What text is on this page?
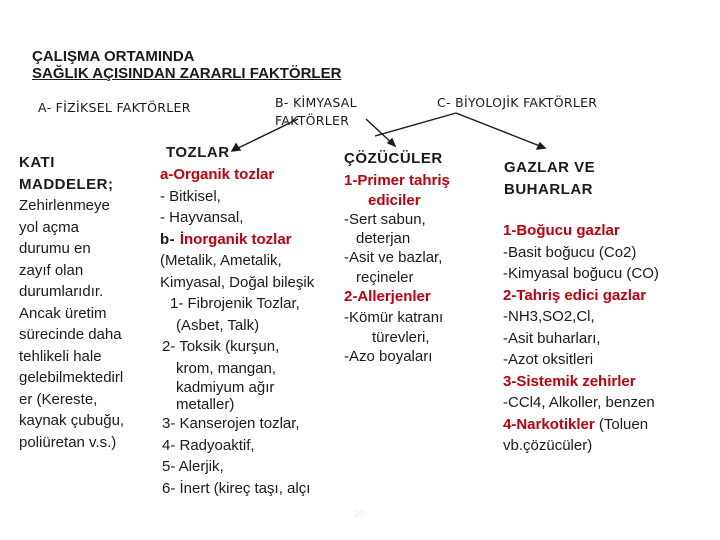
ÇALIŞMA ORTAMINDA
SAĞLIK AÇISINDAN ZARARLI FAKTÖRLER
A- FİZİKSEL FAKTÖRLER	B- KİMYASAL
FAKTÖRLER
C- BİYOLOJİK FAKTÖRLER
KATI
MADDELER;
Zehirlenmeye
yol açma
durumu en
zayıf olan
durumlarıdır.
Ancak üretim
sürecinde daha
tehlikeli hale
gelebilmektedirl
er (Kereste,
kaynak çubuğu,
poliüretan v.s.)
TOZLAR
a-Organik tozlar
- Bitkisel,
- Hayvansal,
b- İnorganik tozlar
(Metalik, Ametalik,
Kimyasal, Doğal bileşik
1- Fibrojenik Tozlar,
(Asbet, Talk)
2- Toksik (kurşun,
krom, mangan,
kadmiyum ağır
metaller)
3- Kanserojen tozlar,
4- Radyoaktif,
5- Alerjik,
6- İnert (kireç taşı, alçı
ÇÖZÜCÜLER
1-Primer tahriş
ediciler
-Sert sabun,
deterjan
-Asit ve bazlar,
reçineler
2-Allerjenler
-Kömür katranı
türevleri,
-Azo boyaları
GAZLAR VE
BUHARLAR
1-Boğucu gazlar
-Basit boğucu (Co2)
-Kimyasal boğucu (CO)
2-Tahriş edici gazlar
-NH3,SO2,Cl,
-Asit buharları,
-Azot oksitleri
3-Sistemik zehirler
-CCl4, Alkoller, benzen
4-Narkotikler (Toluen
vb.çözücüler)
20
